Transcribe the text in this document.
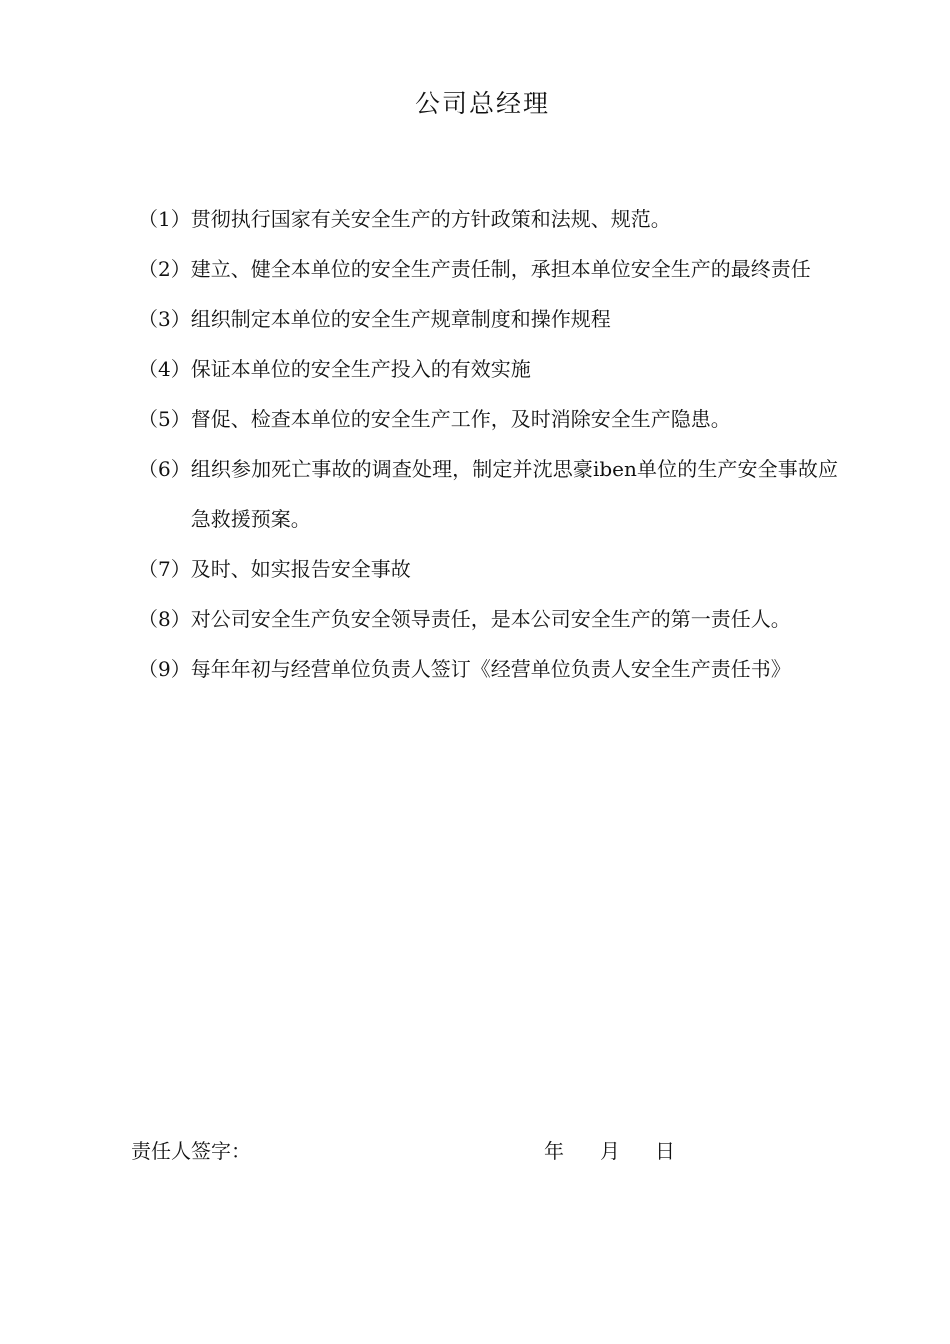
公司总经理
（1） 贯彻执行国家有关安全生产的方针政策和法规、规范。
（2） 建立、健全本单位的安全生产责任制，承担本单位安全生产的最终责任
（3） 组织制定本单位的安全生产规章制度和操作规程
（4） 保证本单位的安全生产投入的有效实施
（5） 督促、检查本单位的安全生产工作，及时消除安全生产隐患。
（6） 组织参加死亡事故的调查处理，制定并沈思豪iben单位的生产安全事故应急救援预案。
（7） 及时、如实报告安全事故
（8） 对公司安全生产负安全领导责任，是本公司安全生产的第一责任人。
（9） 每年年初与经营单位负责人签订《经营单位负责人安全生产责任书》
责任人签字：	年 月 日
